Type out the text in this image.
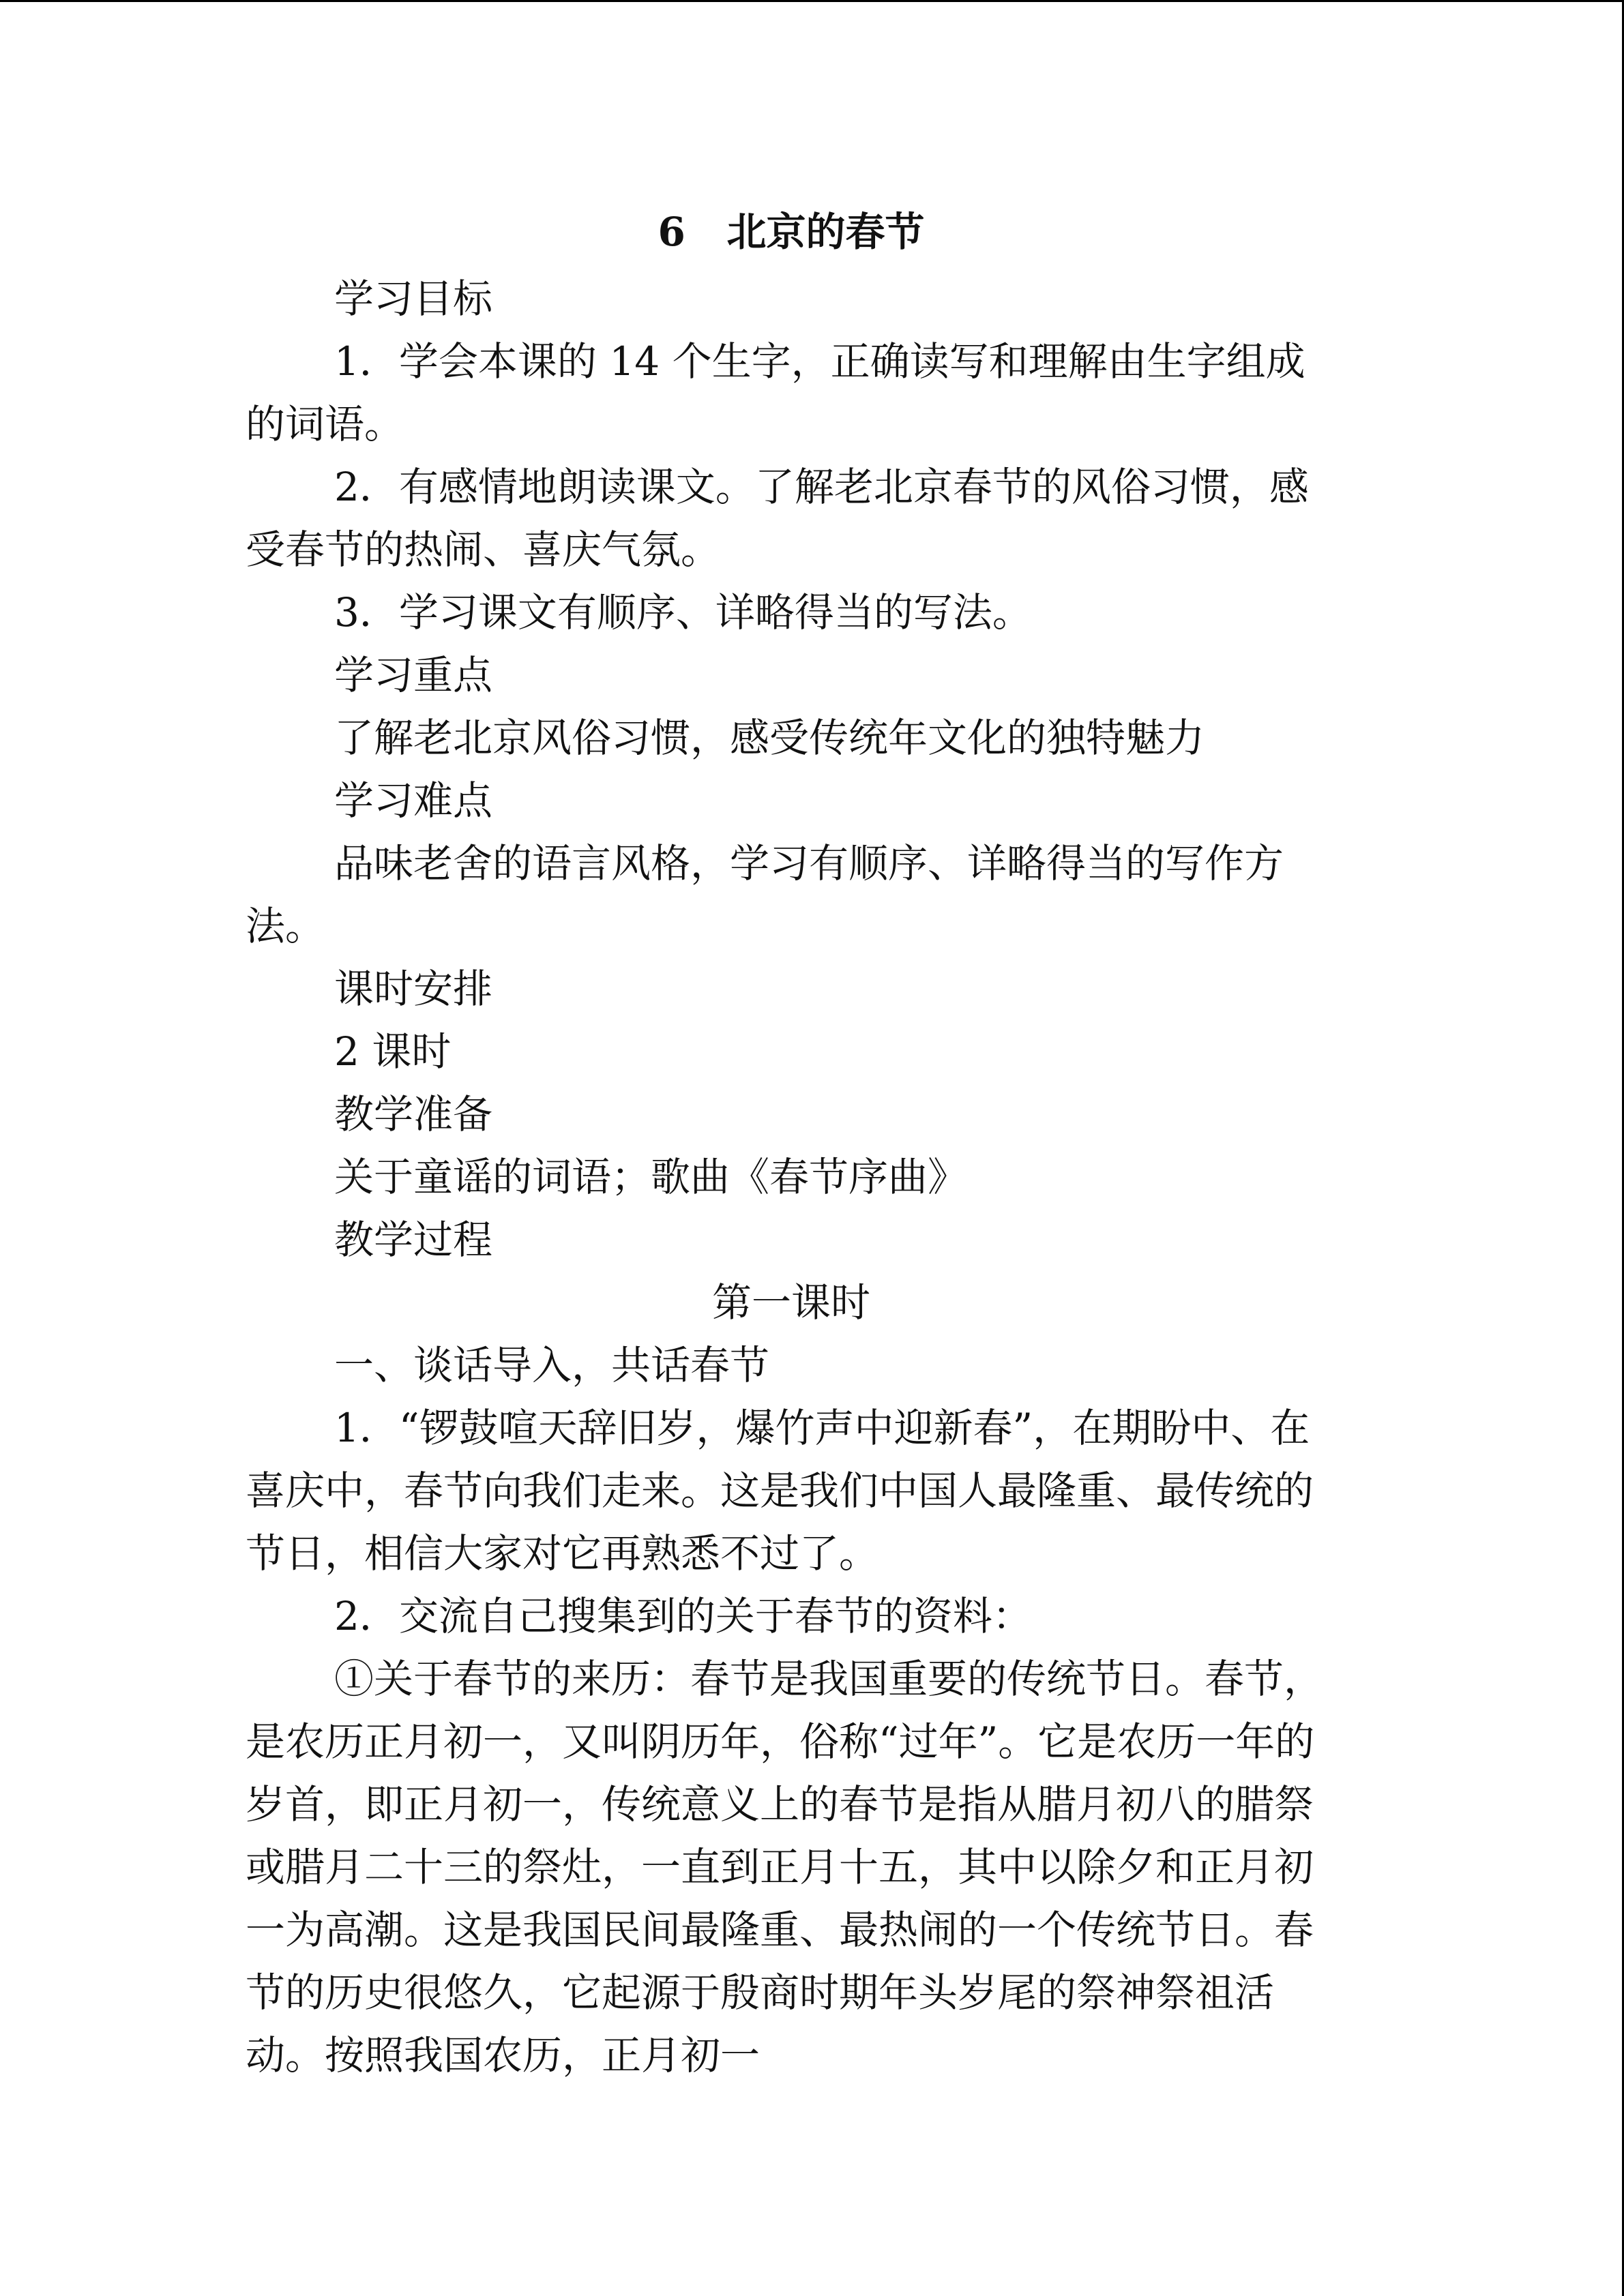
6   北京的春节

学习目标

1．学会本课的 14 个生字，正确读写和理解由生字组成的词语。

2．有感情地朗读课文。了解老北京春节的风俗习惯，感受春节的热闹、喜庆气氛。

3．学习课文有顺序、详略得当的写法。

学习重点

了解老北京风俗习惯，感受传统年文化的独特魅力

学习难点

品味老舍的语言风格，学习有顺序、详略得当的写作方法。

课时安排

2 课时

教学准备

关于童谣的词语；歌曲《春节序曲》

教学过程

第一课时

一、谈话导入，共话春节

1．“锣鼓喧天辞旧岁，爆竹声中迎新春”，在期盼中、在喜庆中，春节向我们走来。这是我们中国人最隆重、最传统的节日，相信大家对它再熟悉不过了。

2．交流自己搜集到的关于春节的资料：

①关于春节的来历：春节是我国重要的传统节日。春节，是农历正月初一，又叫阴历年，俗称“过年”。它是农历一年的岁首，即正月初一，传统意义上的春节是指从腊月初八的腊祭或腊月二十三的祭灶，一直到正月十五，其中以除夕和正月初一为高潮。这是我国民间最隆重、最热闹的一个传统节日。春节的历史很悠久，它起源于殷商时期年头岁尾的祭神祭祖活动。按照我国农历，正月初一
